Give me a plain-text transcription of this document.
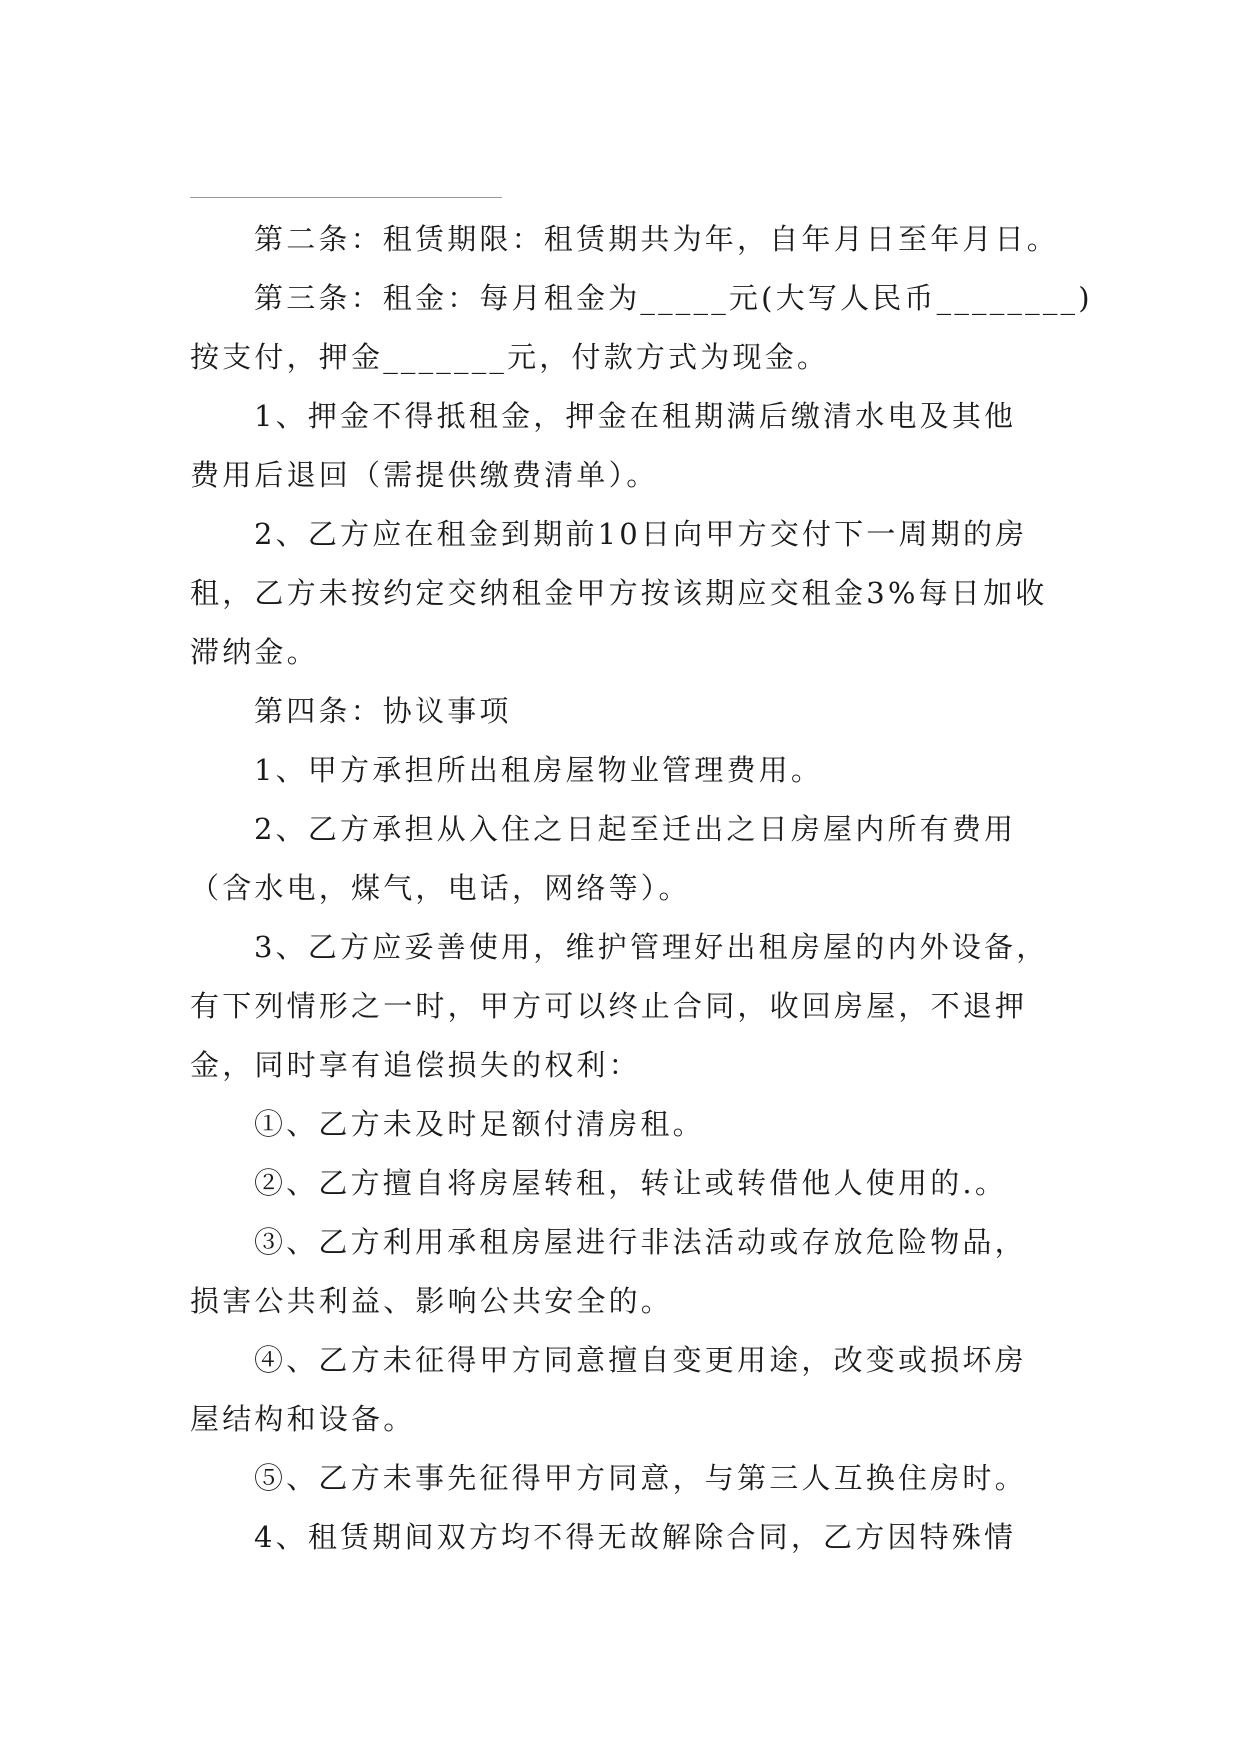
第二条：租赁期限：租赁期共为年，自年月日至年月日。
第三条：租金：每月租金为_____元(大写人民币________)
按支付，押金_______元，付款方式为现金。
1、押金不得抵租金，押金在租期满后缴清水电及其他
费用后退回（需提供缴费清单）。
2、乙方应在租金到期前10日向甲方交付下一周期的房
租，乙方未按约定交纳租金甲方按该期应交租金3%每日加收
滞纳金。
第四条：协议事项
1、甲方承担所出租房屋物业管理费用。
2、乙方承担从入住之日起至迁出之日房屋内所有费用
（含水电，煤气，电话，网络等）。
3、乙方应妥善使用，维护管理好出租房屋的内外设备，
有下列情形之一时，甲方可以终止合同，收回房屋，不退押
金，同时享有追偿损失的权利：
①、乙方未及时足额付清房租。
②、乙方擅自将房屋转租，转让或转借他人使用的.。
③、乙方利用承租房屋进行非法活动或存放危险物品，
损害公共利益、影响公共安全的。
④、乙方未征得甲方同意擅自变更用途，改变或损坏房
屋结构和设备。
⑤、乙方未事先征得甲方同意，与第三人互换住房时。
4、租赁期间双方均不得无故解除合同，乙方因特殊情
